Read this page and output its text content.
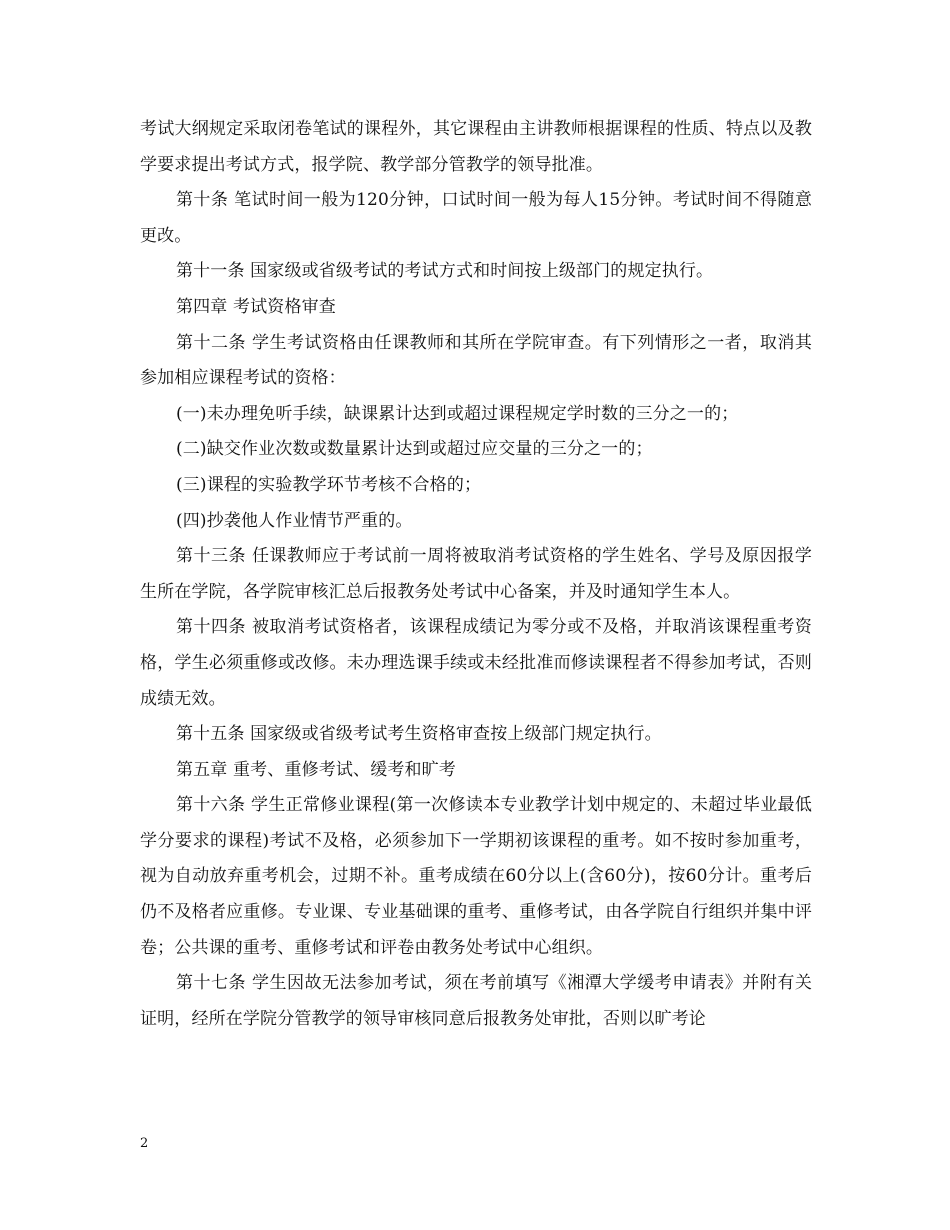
考试大纲规定采取闭卷笔试的课程外，其它课程由主讲教师根据课程的性质、特点以及教学要求提出考试方式，报学院、教学部分管教学的领导批准。

第十条 笔试时间一般为120分钟，口试时间一般为每人15分钟。考试时间不得随意更改。

第十一条 国家级或省级考试的考试方式和时间按上级部门的规定执行。

第四章 考试资格审查

第十二条 学生考试资格由任课教师和其所在学院审查。有下列情形之一者，取消其参加相应课程考试的资格：

(一)未办理免听手续，缺课累计达到或超过课程规定学时数的三分之一的；

(二)缺交作业次数或数量累计达到或超过应交量的三分之一的；

(三)课程的实验教学环节考核不合格的；

(四)抄袭他人作业情节严重的。

第十三条 任课教师应于考试前一周将被取消考试资格的学生姓名、学号及原因报学生所在学院，各学院审核汇总后报教务处考试中心备案，并及时通知学生本人。

第十四条 被取消考试资格者，该课程成绩记为零分或不及格，并取消该课程重考资格，学生必须重修或改修。未办理选课手续或未经批准而修读课程者不得参加考试，否则成绩无效。

第十五条 国家级或省级考试考生资格审查按上级部门规定执行。

第五章 重考、重修考试、缓考和旷考

第十六条 学生正常修业课程(第一次修读本专业教学计划中规定的、未超过毕业最低学分要求的课程)考试不及格，必须参加下一学期初该课程的重考。如不按时参加重考，视为自动放弃重考机会，过期不补。重考成绩在60分以上(含60分)，按60分计。重考后仍不及格者应重修。专业课、专业基础课的重考、重修考试，由各学院自行组织并集中评卷；公共课的重考、重修考试和评卷由教务处考试中心组织。

第十七条 学生因故无法参加考试，须在考前填写《湘潭大学缓考申请表》并附有关证明，经所在学院分管教学的领导审核同意后报教务处审批，否则以旷考论

2
